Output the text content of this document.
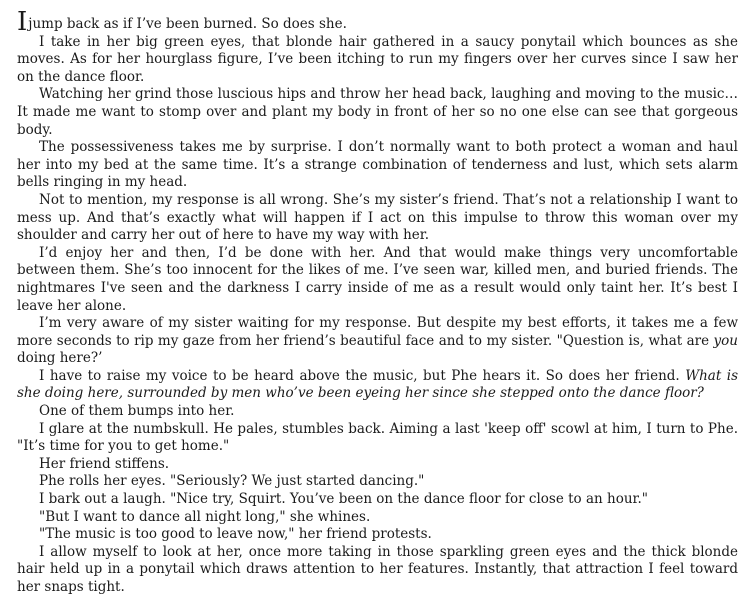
Ijump back as if I’ve been burned. So does she.

I take in her big green eyes, that blonde hair gathered in a saucy ponytail which bounces as she moves. As for her hourglass figure, I’ve been itching to run my fingers over her curves since I saw her on the dance floor.

Watching her grind those luscious hips and throw her head back, laughing and moving to the music… It made me want to stomp over and plant my body in front of her so no one else can see that gorgeous body.

The possessiveness takes me by surprise. I don’t normally want to both protect a woman and haul her into my bed at the same time. It’s a strange combination of tenderness and lust, which sets alarm bells ringing in my head.

Not to mention, my response is all wrong. She’s my sister’s friend. That’s not a relationship I want to mess up. And that’s exactly what will happen if I act on this impulse to throw this woman over my shoulder and carry her out of here to have my way with her.

I’d enjoy her and then, I’d be done with her. And that would make things very uncomfortable between them. She’s too innocent for the likes of me. I’ve seen war, killed men, and buried friends. The nightmares I've seen and the darkness I carry inside of me as a result would only taint her. It’s best I leave her alone.

I’m very aware of my sister waiting for my response. But despite my best efforts, it takes me a few more seconds to rip my gaze from her friend’s beautiful face and to my sister. "Question is, what are you doing here?’

I have to raise my voice to be heard above the music, but Phe hears it. So does her friend. What is she doing here, surrounded by men who’ve been eyeing her since she stepped onto the dance floor?

One of them bumps into her.

I glare at the numbskull. He pales, stumbles back. Aiming a last 'keep off' scowl at him, I turn to Phe. "It’s time for you to get home."

Her friend stiffens.

Phe rolls her eyes. "Seriously? We just started dancing."

I bark out a laugh. "Nice try, Squirt. You’ve been on the dance floor for close to an hour."

"But I want to dance all night long," she whines.

"The music is too good to leave now," her friend protests.

I allow myself to look at her, once more taking in those sparkling green eyes and the thick blonde hair held up in a ponytail which draws attention to her features. Instantly, that attraction I feel toward her snaps tight.
